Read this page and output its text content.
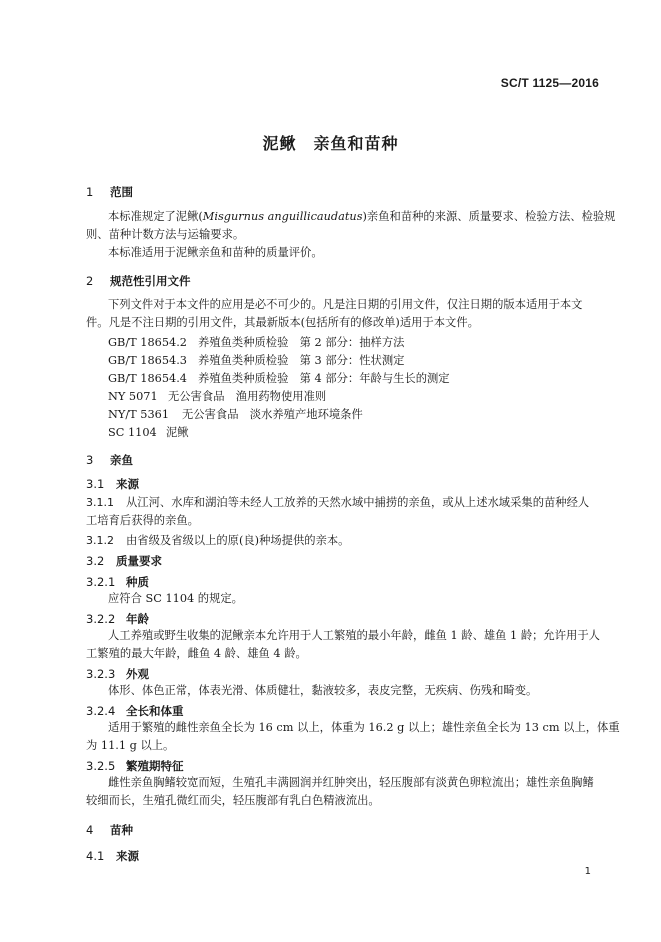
SC/T 1125—2016
泥鳅　亲鱼和苗种
1 范围
本标准规定了泥鳅(Misgurnus anguillicaudatus)亲鱼和苗种的来源、质量要求、检验方法、检验规
则、苗种计数方法与运输要求。
本标准适用于泥鳅亲鱼和苗种的质量评价。
2 规范性引用文件
下列文件对于本文件的应用是必不可少的。凡是注日期的引用文件，仅注日期的版本适用于本文
件。凡是不注日期的引用文件，其最新版本(包括所有的修改单)适用于本文件。
GB/T 18654.2 养殖鱼类种质检验　第 2 部分：抽样方法
GB/T 18654.3 养殖鱼类种质检验　第 3 部分：性状测定
GB/T 18654.4 养殖鱼类种质检验　第 4 部分：年龄与生长的测定
NY 5071 无公害食品　渔用药物使用准则
NY/T 5361 无公害食品　淡水养殖产地环境条件
SC 1104 泥鳅
3 亲鱼
3.1 来源
3.1.1 从江河、水库和湖泊等未经人工放养的天然水域中捕捞的亲鱼，或从上述水域采集的苗种经人
工培育后获得的亲鱼。
3.1.2 由省级及省级以上的原(良)种场提供的亲本。
3.2 质量要求
3.2.1 种质
应符合 SC 1104 的规定。
3.2.2 年龄
人工养殖或野生收集的泥鳅亲本允许用于人工繁殖的最小年龄，雌鱼 1 龄、雄鱼 1 龄；允许用于人
工繁殖的最大年龄，雌鱼 4 龄、雄鱼 4 龄。
3.2.3 外观
体形、体色正常，体表光滑、体质健壮，黏液较多，表皮完整，无疾病、伤残和畸变。
3.2.4 全长和体重
适用于繁殖的雌性亲鱼全长为 16 cm 以上，体重为 16.2 g 以上；雄性亲鱼全长为 13 cm 以上，体重
为 11.1 g 以上。
3.2.5 繁殖期特征
雌性亲鱼胸鳍较宽而短，生殖孔丰满圆润并红肿突出，轻压腹部有淡黄色卵粒流出；雄性亲鱼胸鳍
较细而长，生殖孔微红而尖，轻压腹部有乳白色精液流出。
4 苗种
4.1 来源
1
